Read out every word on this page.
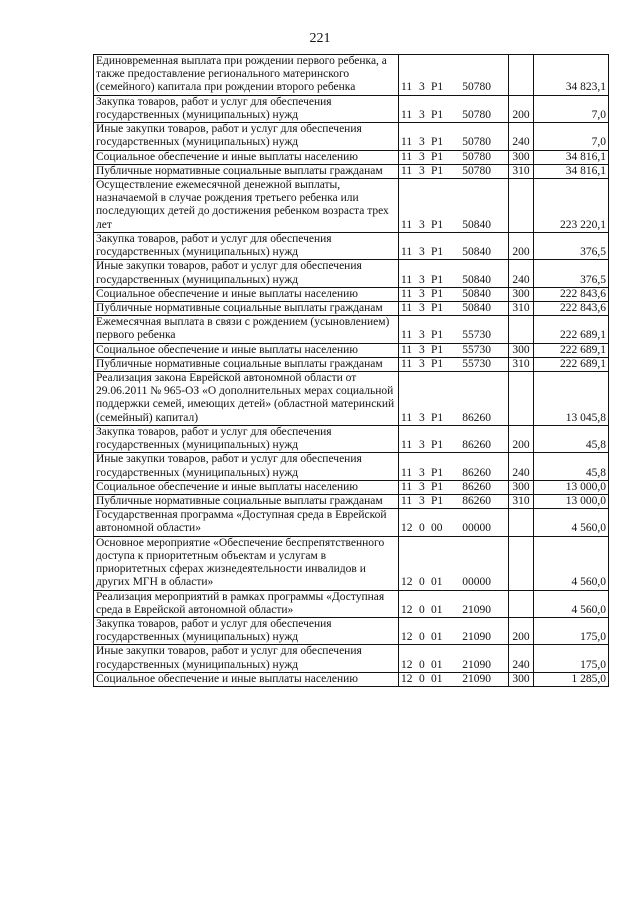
221
Единовременная выплата при рождении первого ребенка, а также предоставление регионального материнского (семейного) капитала при рождении второго ребенка	11 3 Р1 50780		34 823,1
Закупка товаров, работ и услуг для обеспечения государственных (муниципальных) нужд	11 3 Р1 50780	200	7,0
Иные закупки товаров, работ и услуг для обеспечения государственных (муниципальных) нужд	11 3 Р1 50780	240	7,0
Социальное обеспечение и иные выплаты населению	11 3 Р1 50780	300	34 816,1
Публичные нормативные социальные выплаты гражданам	11 3 Р1 50780	310	34 816,1
Осуществление ежемесячной денежной выплаты, назначаемой в случае рождения третьего ребенка или последующих детей до достижения ребенком возраста трех лет	11 3 Р1 50840		223 220,1
Закупка товаров, работ и услуг для обеспечения государственных (муниципальных) нужд	11 3 Р1 50840	200	376,5
Иные закупки товаров, работ и услуг для обеспечения государственных (муниципальных) нужд	11 3 Р1 50840	240	376,5
Социальное обеспечение и иные выплаты населению	11 3 Р1 50840	300	222 843,6
Публичные нормативные социальные выплаты гражданам	11 3 Р1 50840	310	222 843,6
Ежемесячная выплата в связи с рождением (усыновлением) первого ребенка	11 3 Р1 55730		222 689,1
Социальное обеспечение и иные выплаты населению	11 3 Р1 55730	300	222 689,1
Публичные нормативные социальные выплаты гражданам	11 3 Р1 55730	310	222 689,1
Реализация закона Еврейской автономной области от 29.06.2011 № 965-ОЗ «О дополнительных мерах социальной поддержки семей, имеющих детей» (областной материнский (семейный) капитал)	11 3 Р1 86260		13 045,8
Закупка товаров, работ и услуг для обеспечения государственных (муниципальных) нужд	11 3 Р1 86260	200	45,8
Иные закупки товаров, работ и услуг для обеспечения государственных (муниципальных) нужд	11 3 Р1 86260	240	45,8
Социальное обеспечение и иные выплаты населению	11 3 Р1 86260	300	13 000,0
Публичные нормативные социальные выплаты гражданам	11 3 Р1 86260	310	13 000,0
Государственная программа «Доступная среда в Еврейской автономной области»	12 0 00 00000		4 560,0
Основное мероприятие «Обеспечение беспрепятственного доступа к приоритетным объектам и услугам в приоритетных сферах жизнедеятельности инвалидов и других МГН в области»	12 0 01 00000		4 560,0
Реализация мероприятий в рамках программы «Доступная среда в Еврейской автономной области»	12 0 01 21090		4 560,0
Закупка товаров, работ и услуг для обеспечения государственных (муниципальных) нужд	12 0 01 21090	200	175,0
Иные закупки товаров, работ и услуг для обеспечения государственных (муниципальных) нужд	12 0 01 21090	240	175,0
Социальное обеспечение и иные выплаты населению	12 0 01 21090	300	1 285,0
